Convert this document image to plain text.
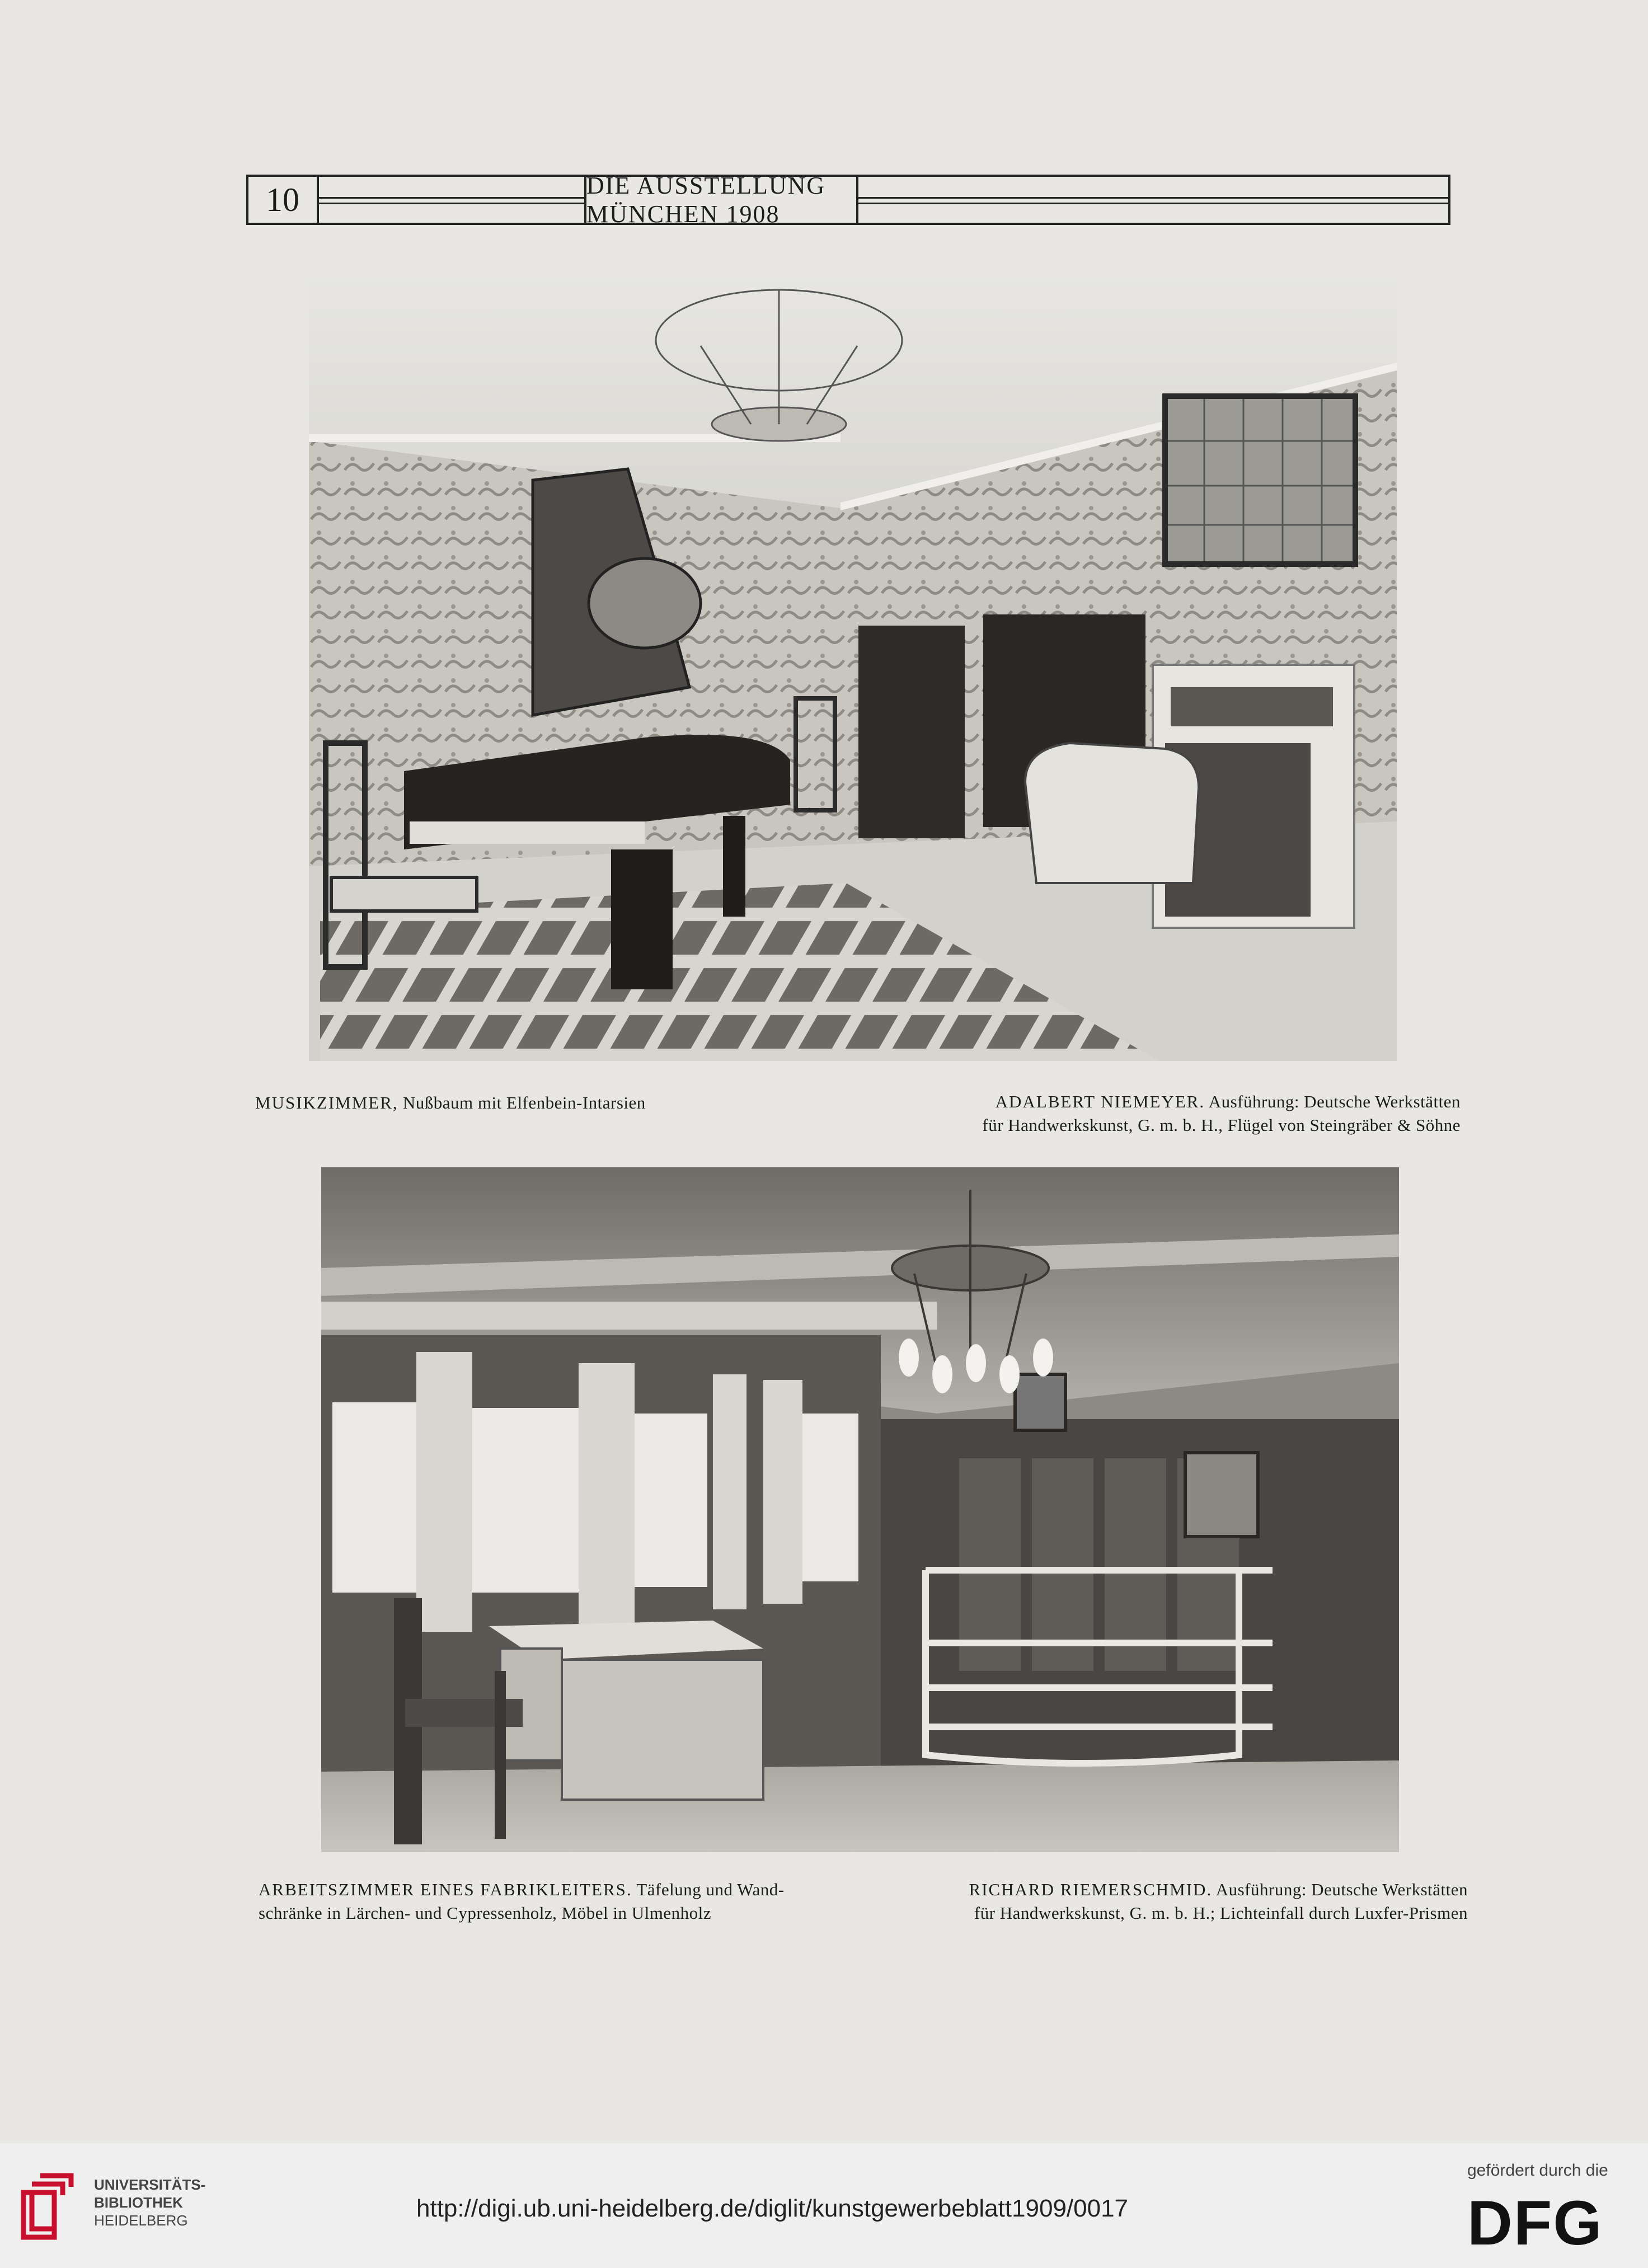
10	DIE AUSSTELLUNG MÜNCHEN 1908
MUSIKZIMMER, Nußbaum mit Elfenbein-Intarsien	ADALBERT NIEMEYER. Ausführung: Deutsche Werkstätten
für Handwerkskunst, G. m. b. H., Flügel von Steingräber & Söhne
ARBEITSZIMMER EINES FABRIKLEITERS. Täfelung und Wand-
schränke in Lärchen- und Cypressenholz, Möbel in Ulmenholz
RICHARD RIEMERSCHMID. Ausführung: Deutsche Werkstätten
für Handwerkskunst, G. m. b. H.; Lichteinfall durch Luxfer-Prismen
UNIVERSITÄTS-
BIBLIOTHEK
HEIDELBERG	http://digi.ub.uni-heidelberg.de/diglit/kunstgewerbeblatt1909/0017
gefördert durch die
DFG
